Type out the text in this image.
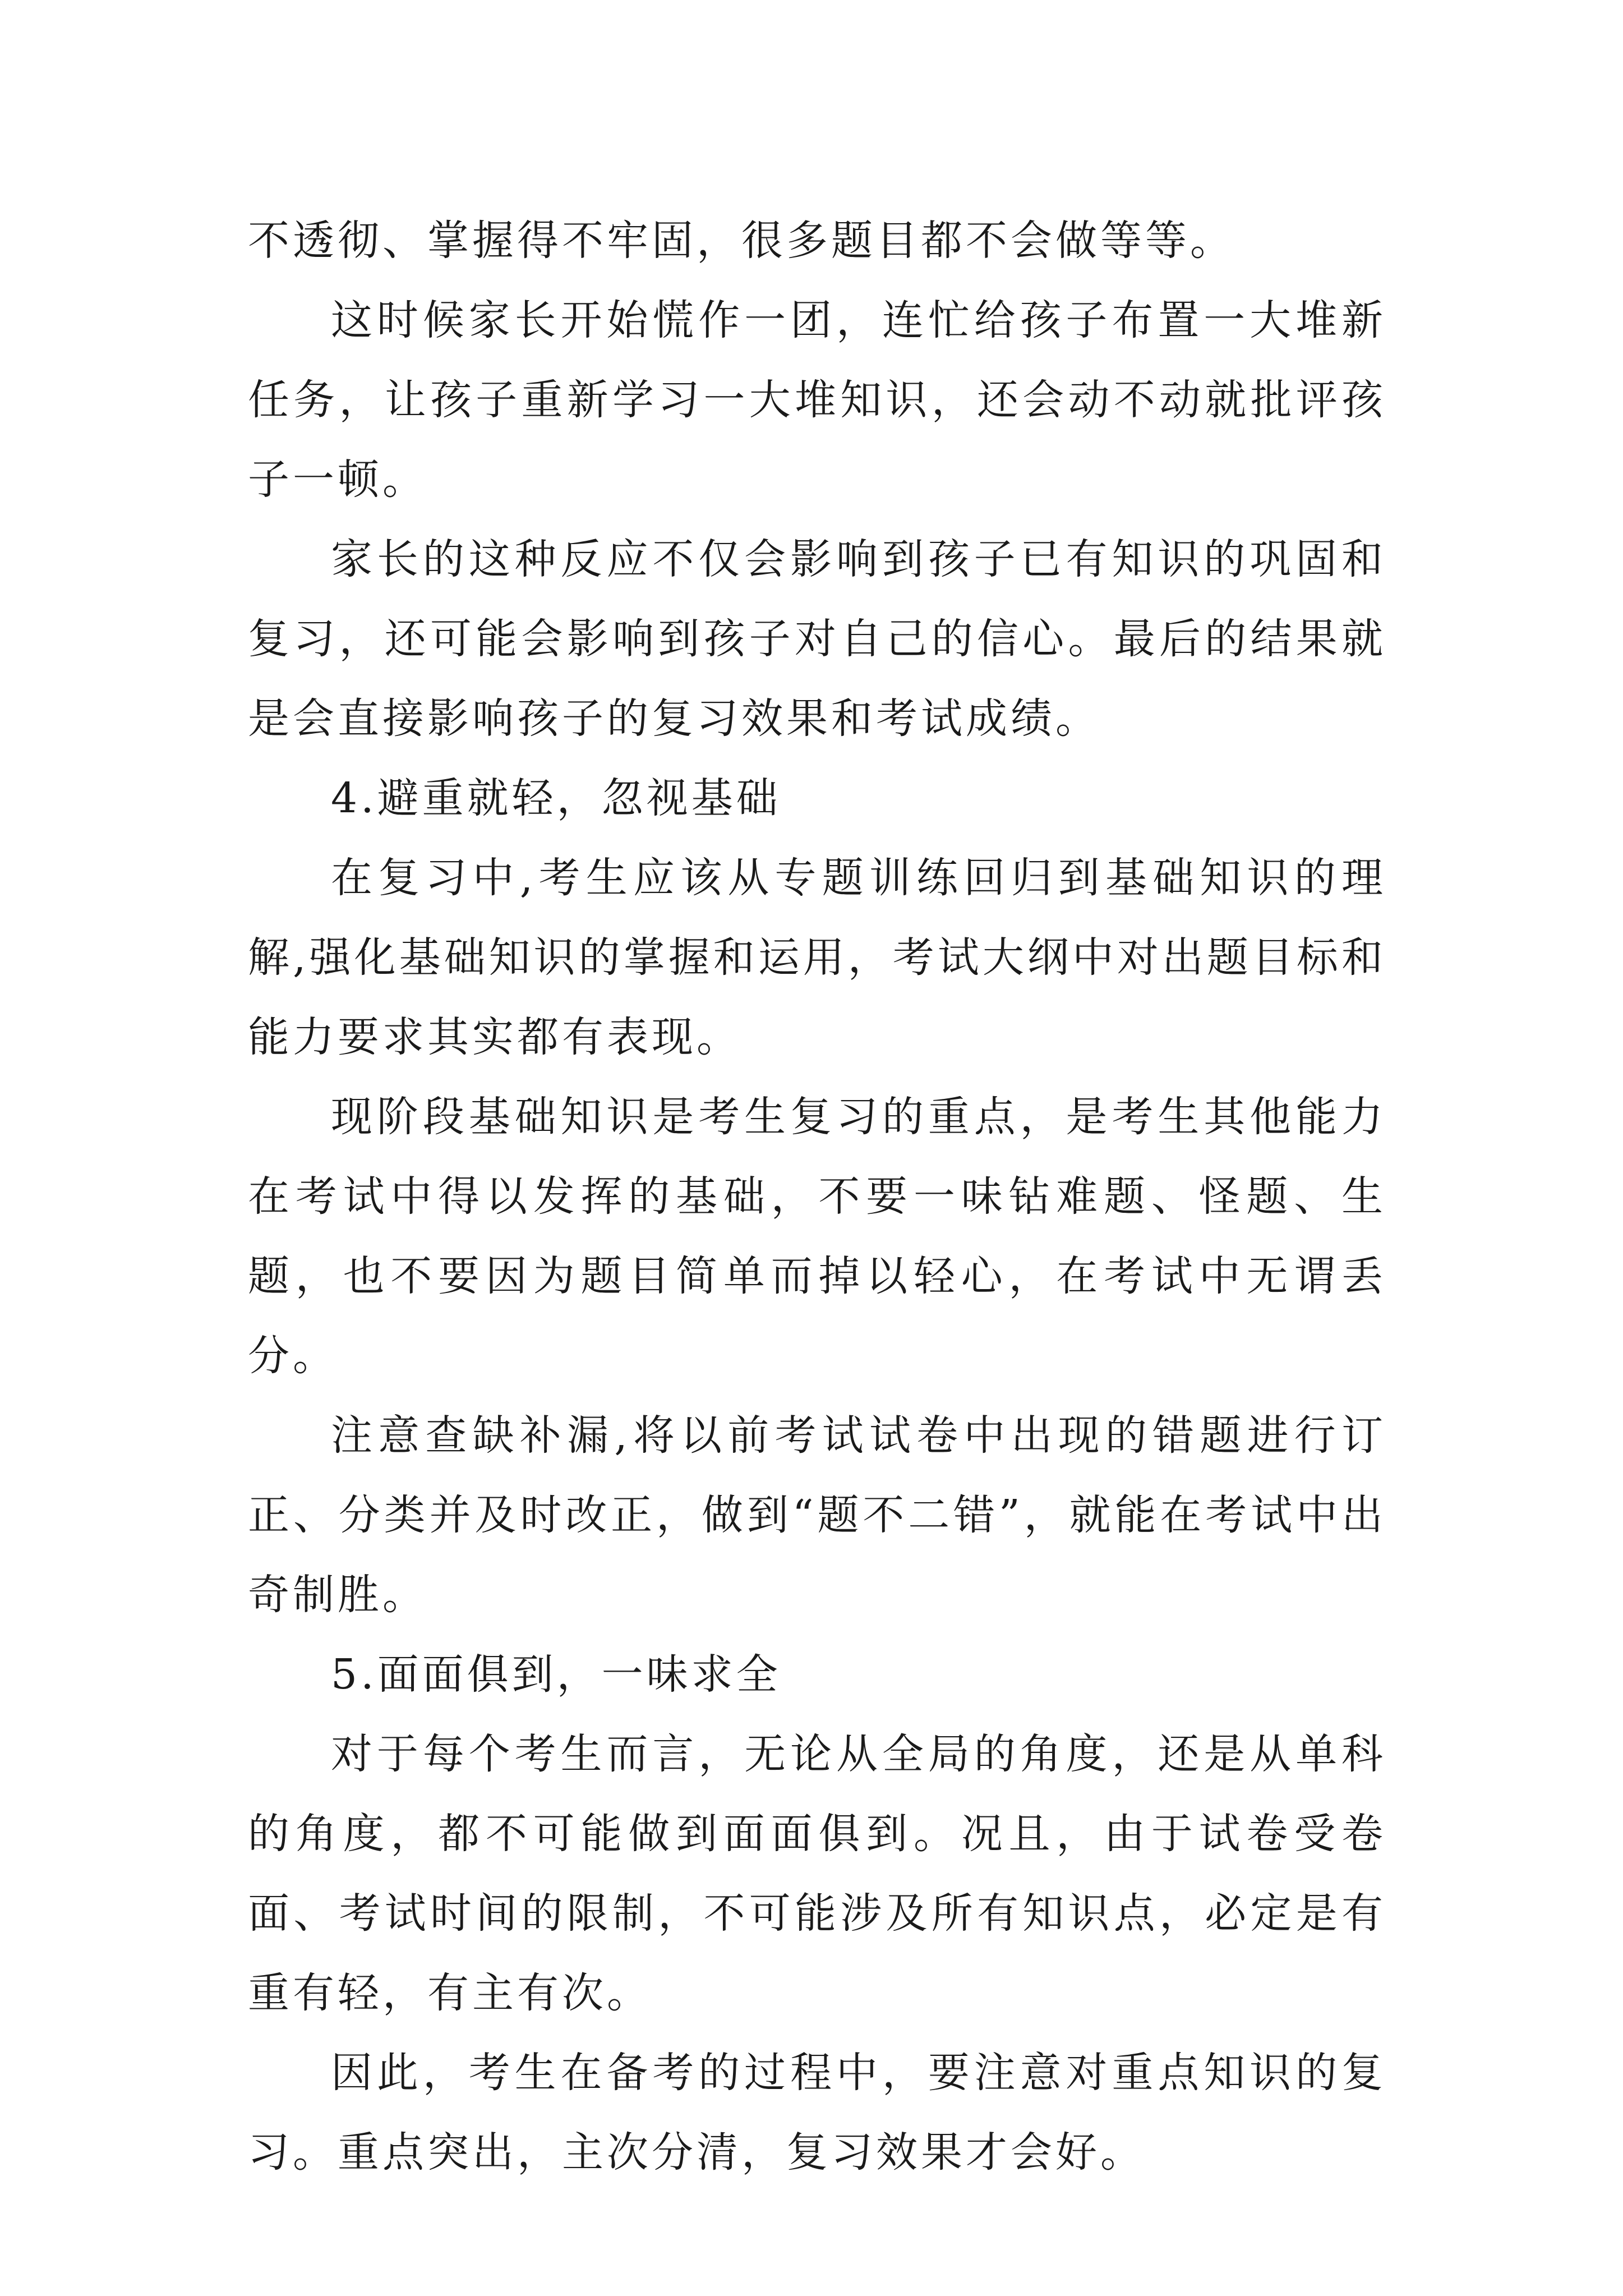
不透彻、掌握得不牢固，很多题目都不会做等等。

这时候家长开始慌作一团，连忙给孩子布置一大堆新任务，让孩子重新学习一大堆知识，还会动不动就批评孩子一顿。

家长的这种反应不仅会影响到孩子已有知识的巩固和复习，还可能会影响到孩子对自己的信心。最后的结果就是会直接影响孩子的复习效果和考试成绩。

4.避重就轻，忽视基础

在复习中,考生应该从专题训练回归到基础知识的理解,强化基础知识的掌握和运用，考试大纲中对出题目标和能力要求其实都有表现。

现阶段基础知识是考生复习的重点，是考生其他能力在考试中得以发挥的基础，不要一味钻难题、怪题、生题，也不要因为题目简单而掉以轻心，在考试中无谓丢分。

注意查缺补漏,将以前考试试卷中出现的错题进行订正、分类并及时改正，做到“题不二错”，就能在考试中出奇制胜。

5.面面俱到，一味求全

对于每个考生而言，无论从全局的角度，还是从单科的角度，都不可能做到面面俱到。况且，由于试卷受卷面、考试时间的限制，不可能涉及所有知识点，必定是有重有轻，有主有次。

因此，考生在备考的过程中，要注意对重点知识的复习。重点突出，主次分清，复习效果才会好。
